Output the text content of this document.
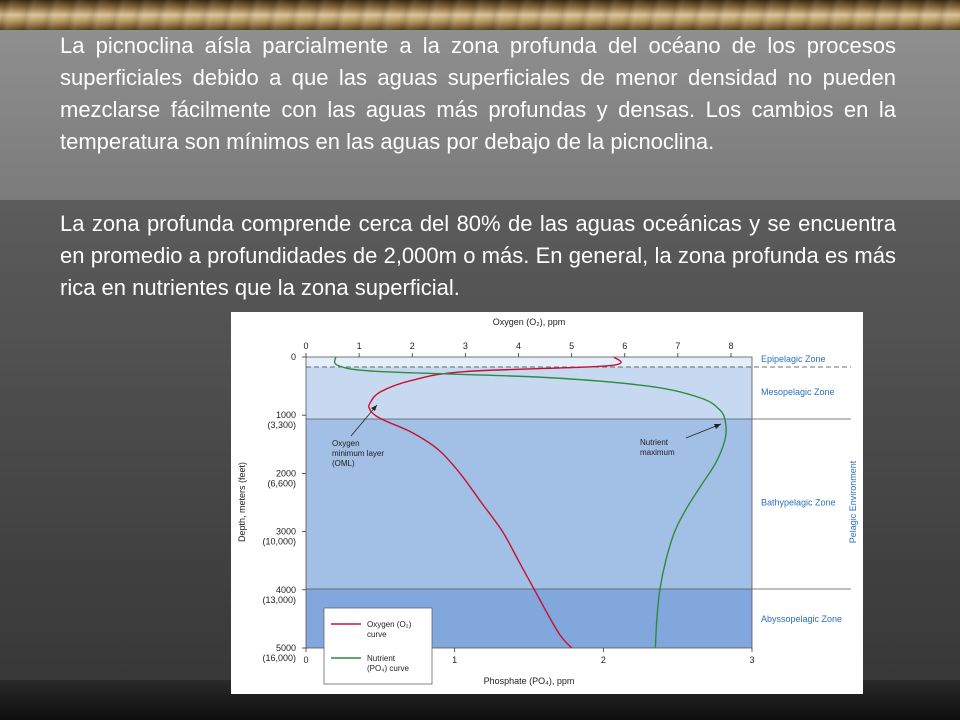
La picnoclina aísla parcialmente a la zona profunda del océano de los procesos superficiales debido a que las aguas superficiales de menor densidad no pueden mezclarse fácilmente con las aguas más profundas y densas. Los cambios en la temperatura son mínimos en las aguas por debajo de la picnoclina.

La zona profunda comprende cerca del 80% de las aguas oceánicas y se encuentra en promedio a profundidades de 2,000m o más. En general, la zona profunda es más rica en nutrientes que la zona superficial.

Oxygen (O₂), ppm
Phosphate (PO₄), ppm
Depth, meters (feet)	Pelagic Environment
Oxygen
minimum layer
(OML)
Nutrient
maximum
Oxygen (O₂)
curve
Nutrient
(PO₄) curve
0	1	2	3	4	5	6	7	8
0	1	2	3
0
1000
(3,300)
2000
(6,600)
3000
(10,000)
4000
(13,000)
5000
(16,000)
Epipelagic Zone
Mesopelagic Zone
Bathypelagic Zone
Abyssopelagic Zone
